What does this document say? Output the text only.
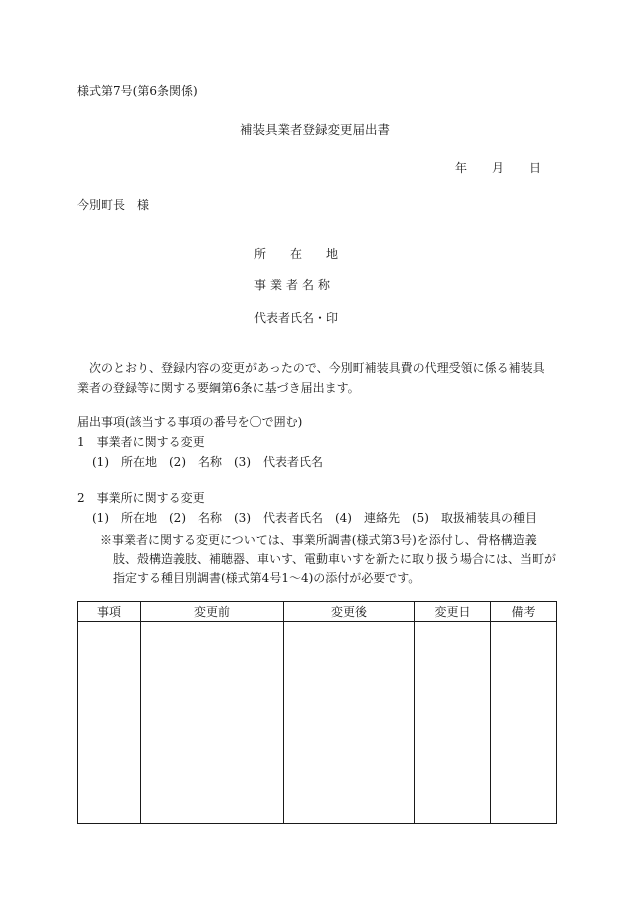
様式第7号(第6条関係)
補装具業者登録変更届出書
年 月 日
今別町長　様
所 在 地
事業者名称
代表者氏名・印
次のとおり、登録内容の変更があったので、今別町補装具費の代理受領に係る補装具業者の登録等に関する要綱第6条に基づき届出ます。
届出事項(該当する事項の番号を〇で囲む)
1　事業者に関する変更
(1)　所在地　(2)　名称　(3)　代表者氏名
2　事業所に関する変更
(1)　所在地　(2)　名称　(3)　代表者氏名　(4)　連絡先　(5)　取扱補装具の種目
※事業者に関する変更については、事業所調書(様式第3号)を添付し、骨格構造義肢、殻構造義肢、補聴器、車いす、電動車いすを新たに取り扱う場合には、当町が指定する種目別調書(様式第4号1～4)の添付が必要です。
事項	変更前	変更後	変更日	備考
